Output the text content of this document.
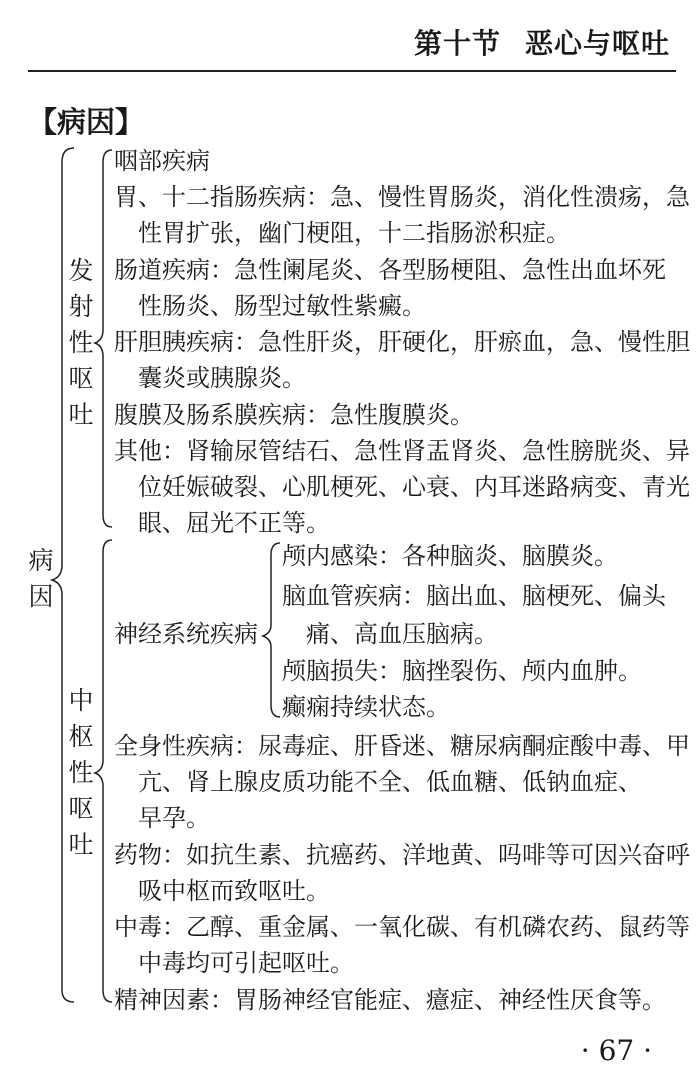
第十节 恶心与呕吐
【病因】
病因
发射性呕吐
中枢性呕吐
咽部疾病
胃、十二指肠疾病：急、慢性胃肠炎，消化性溃疡，急
性胃扩张，幽门梗阻，十二指肠淤积症。
肠道疾病：急性阑尾炎、各型肠梗阻、急性出血坏死
性肠炎、肠型过敏性紫癜。
肝胆胰疾病：急性肝炎，肝硬化，肝瘀血，急、慢性胆
囊炎或胰腺炎。
腹膜及肠系膜疾病：急性腹膜炎。
其他：肾输尿管结石、急性肾盂肾炎、急性膀胱炎、异
位妊娠破裂、心肌梗死、心衰、内耳迷路病变、青光
眼、屈光不正等。
神经系统疾病
颅内感染：各种脑炎、脑膜炎。
脑血管疾病：脑出血、脑梗死、偏头
痛、高血压脑病。
颅脑损失：脑挫裂伤、颅内血肿。
癫痫持续状态。
全身性疾病：尿毒症、肝昏迷、糖尿病酮症酸中毒、甲
亢、肾上腺皮质功能不全、低血糖、低钠血症、
早孕。
药物：如抗生素、抗癌药、洋地黄、吗啡等可因兴奋呼
吸中枢而致呕吐。
中毒：乙醇、重金属、一氧化碳、有机磷农药、鼠药等
中毒均可引起呕吐。
精神因素：胃肠神经官能症、癔症、神经性厌食等。
· 67 ·
